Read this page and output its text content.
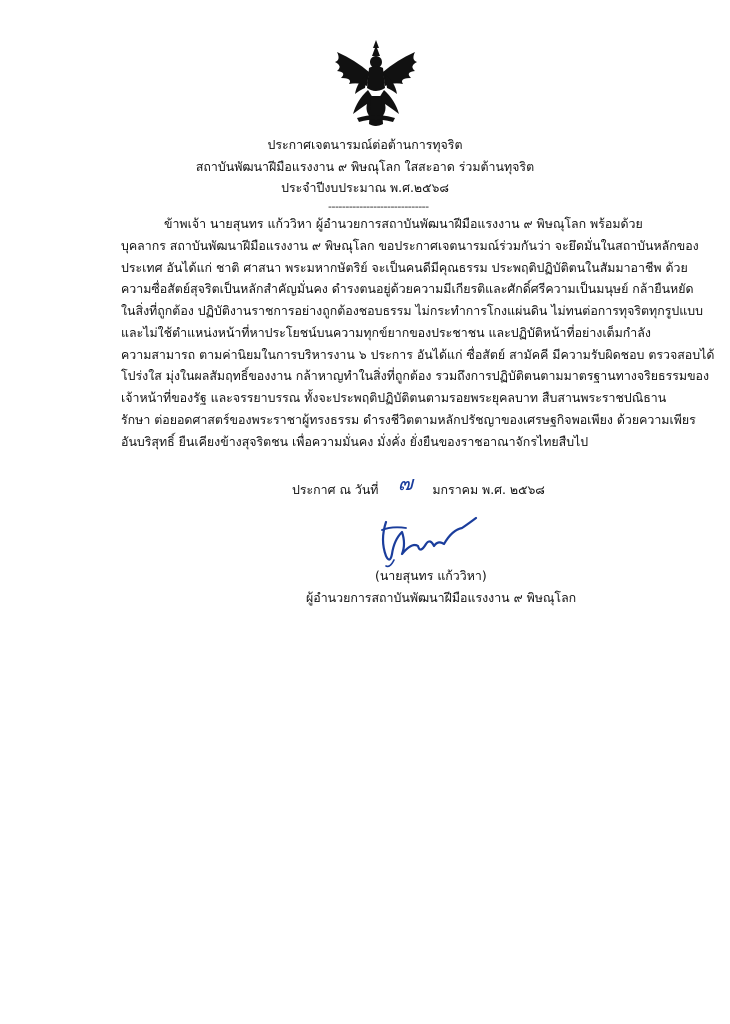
ประกาศเจตนารมณ์ต่อต้านการทุจริต
สถาบันพัฒนาฝีมือแรงงาน ๙ พิษณุโลก ใสสะอาด ร่วมต้านทุจริต
ประจำปีงบประมาณ พ.ศ.๒๕๖๘
-----------------------------
ข้าพเจ้า นายสุนทร แก้ววิหา ผู้อำนวยการสถาบันพัฒนาฝีมือแรงงาน ๙ พิษณุโลก พร้อมด้วย
บุคลากร สถาบันพัฒนาฝีมือแรงงาน ๙ พิษณุโลก ขอประกาศเจตนารมณ์ร่วมกันว่า จะยึดมั่นในสถาบันหลักของ
ประเทศ อันได้แก่ ชาติ ศาสนา พระมหากษัตริย์ จะเป็นคนดีมีคุณธรรม ประพฤติปฏิบัติตนในสัมมาอาชีพ ด้วย
ความซื่อสัตย์สุจริตเป็นหลักสำคัญมั่นคง ดำรงตนอยู่ด้วยความมีเกียรติและศักดิ์ศรีความเป็นมนุษย์ กล้ายืนหยัด
ในสิ่งที่ถูกต้อง ปฏิบัติงานราชการอย่างถูกต้องชอบธรรม ไม่กระทำการโกงแผ่นดิน ไม่ทนต่อการทุจริตทุกรูปแบบ
และไม่ใช้ตำแหน่งหน้าที่หาประโยชน์บนความทุกข์ยากของประชาชน และปฏิบัติหน้าที่อย่างเต็มกำลัง
ความสามารถ ตามค่านิยมในการบริหารงาน ๖ ประการ อันได้แก่ ซื่อสัตย์ สามัคคี มีความรับผิดชอบ ตรวจสอบได้
โปร่งใส มุ่งในผลสัมฤทธิ์ของงาน กล้าหาญทำในสิ่งที่ถูกต้อง รวมถึงการปฏิบัติตนตามมาตรฐานทางจริยธรรมของ
เจ้าหน้าที่ของรัฐ และจรรยาบรรณ ทั้งจะประพฤติปฏิบัติตนตามรอยพระยุคลบาท สืบสานพระราชปณิธาน
รักษา ต่อยอดศาสตร์ของพระราชาผู้ทรงธรรม ดำรงชีวิตตามหลักปรัชญาของเศรษฐกิจพอเพียง ด้วยความเพียร
อันบริสุทธิ์ ยืนเคียงข้างสุจริตชน เพื่อความมั่นคง มั่งคั่ง ยั่งยืนของราชอาณาจักรไทยสืบไป
ประกาศ ณ วันที่ ๗ มกราคม พ.ศ. ๒๕๖๘
(นายสุนทร แก้ววิหา)
ผู้อำนวยการสถาบันพัฒนาฝีมือแรงงาน ๙ พิษณุโลก
